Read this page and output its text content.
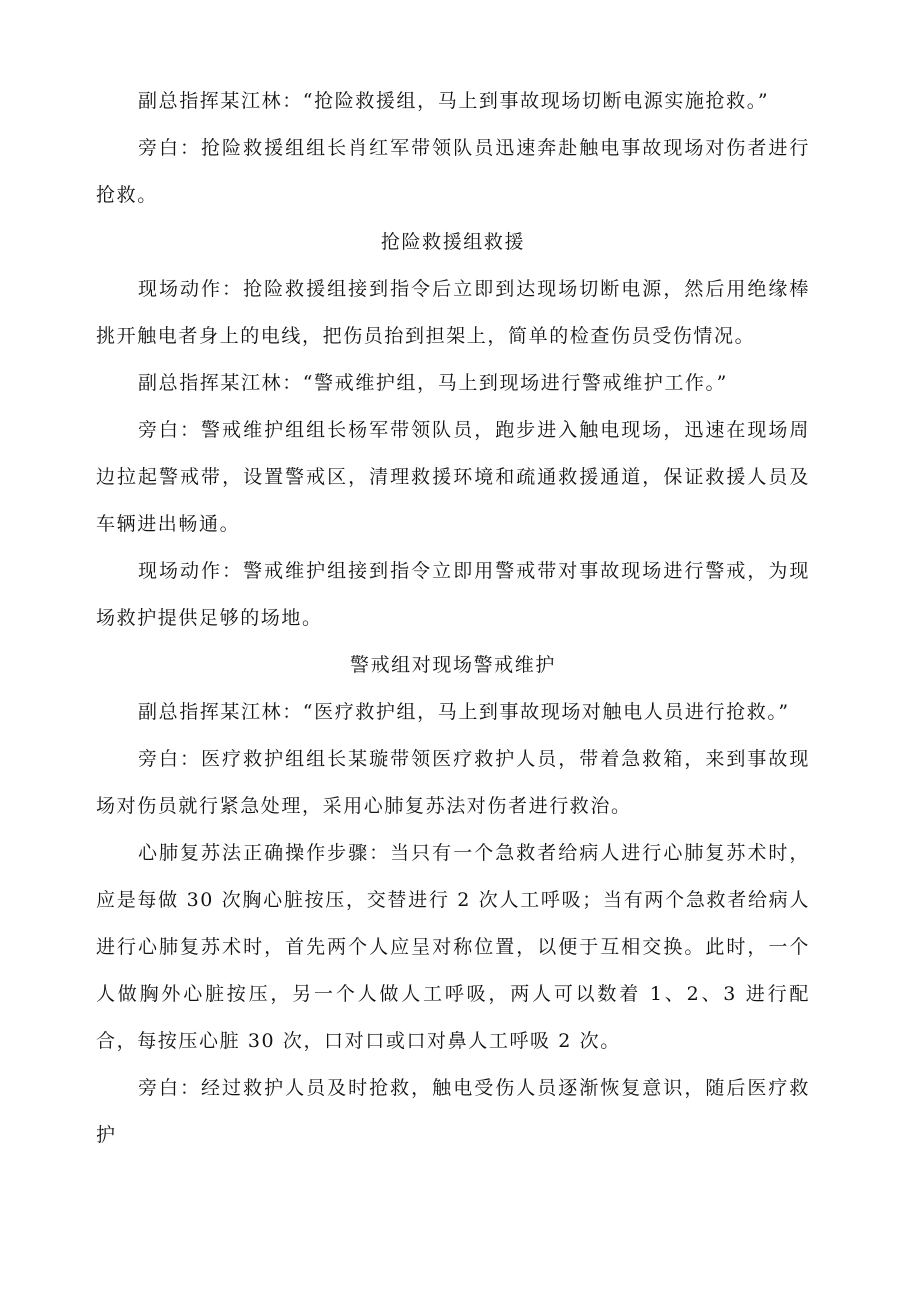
副总指挥某江林：“抢险救援组，马上到事故现场切断电源实施抢救。”

旁白：抢险救援组组长肖红军带领队员迅速奔赴触电事故现场对伤者进行抢救。

抢险救援组救援

现场动作：抢险救援组接到指令后立即到达现场切断电源，然后用绝缘棒挑开触电者身上的电线，把伤员抬到担架上，简单的检查伤员受伤情况。

副总指挥某江林：“警戒维护组，马上到现场进行警戒维护工作。”

旁白：警戒维护组组长杨军带领队员，跑步进入触电现场，迅速在现场周边拉起警戒带，设置警戒区，清理救援环境和疏通救援通道，保证救援人员及车辆进出畅通。

现场动作：警戒维护组接到指令立即用警戒带对事故现场进行警戒，为现场救护提供足够的场地。

警戒组对现场警戒维护

副总指挥某江林：“医疗救护组，马上到事故现场对触电人员进行抢救。”

旁白：医疗救护组组长某璇带领医疗救护人员，带着急救箱，来到事故现场对伤员就行紧急处理，采用心肺复苏法对伤者进行救治。

心肺复苏法正确操作步骤：当只有一个急救者给病人进行心肺复苏术时，应是每做 30 次胸心脏按压，交替进行 2 次人工呼吸；当有两个急救者给病人进行心肺复苏术时，首先两个人应呈对称位置，以便于互相交换。此时，一个人做胸外心脏按压，另一个人做人工呼吸，两人可以数着 1、2、3 进行配合，每按压心脏 30 次，口对口或口对鼻人工呼吸 2 次。

旁白：经过救护人员及时抢救，触电受伤人员逐渐恢复意识，随后医疗救护
